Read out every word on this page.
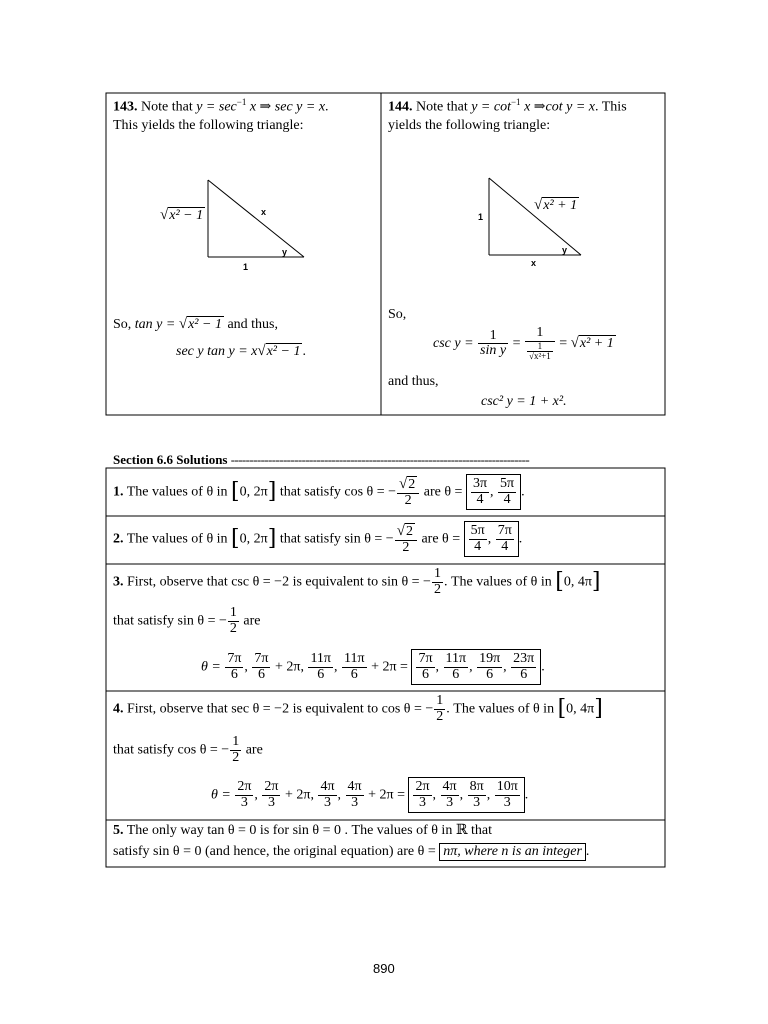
143. Note that $y = \sec^{-1} x$ ⇒ sec y = x.
This yields the following triangle:
x
√x² − 1
1
y
So, tan y = √x² − 1 and thus,
sec y tan y = x√x² − 1 .
144. Note that $y = \cot^{-1} x$ ⇒cot y = x. This
yields the following triangle:
√x² + 1
1
x
y
So,
$\csc y = \frac{1}{\text{sin y}} = \frac{1}{\frac{1}{\text{√x²+1}}} = √x^2 + 1$
and thus,
csc² y = 1 + x².
Section 6.6 Solutions --------------------------------------------------------------------------------
1. The values of θ in [0, 2π] that satisfy cos θ = − $\frac{√2}{2}$ are $\theta = \frac{3\pi}{4}$ , $\frac{5\pi}{4}$ .
2. The values of θ in [0, 2π] that satisfy sin θ = − $\frac{√2}{2}$ are $\theta = \frac{5\pi}{4}$ , $\frac{7\pi}{4}$ .
3. First, observe that csc θ = −2 is equivalent to sin θ = − $\frac{1}{2}$ . The values of θ in [0, 4π]
that satisfy sin θ = − $\frac{1}{2}$ are
$\theta = \frac{7\pi}{6}$ , $\frac{7\pi}{6} + 2\pi$, $\frac{11\pi}{6}$ , $\frac{11\pi}{6} + 2\pi = \frac{7\pi}{6}$ , $\frac{11\pi}{6}$ , $\frac{19\pi}{6}$ , $\frac{23\pi}{6}$ .
4. First, observe that sec θ = −2 is equivalent to cos θ = − $\frac{1}{2}$ . The values of θ in [0, 4π]
that satisfy cos θ = − $\frac{1}{2}$ are
$\theta = \frac{2\pi}{3}$ , $\frac{2\pi}{3} + 2\pi$, $\frac{4\pi}{3}$ , $\frac{4\pi}{3} + 2\pi = \frac{2\pi}{3}$ , $\frac{4\pi}{3}$ , $\frac{8\pi}{3}$ , $\frac{10\pi}{3}$ .
5. The only way tan θ = 0 is for sin θ = 0 . The values of θ in ℝ that
satisfy sin θ = 0 (and hence, the original equation) are θ = nπ, where n is an integer .
890
